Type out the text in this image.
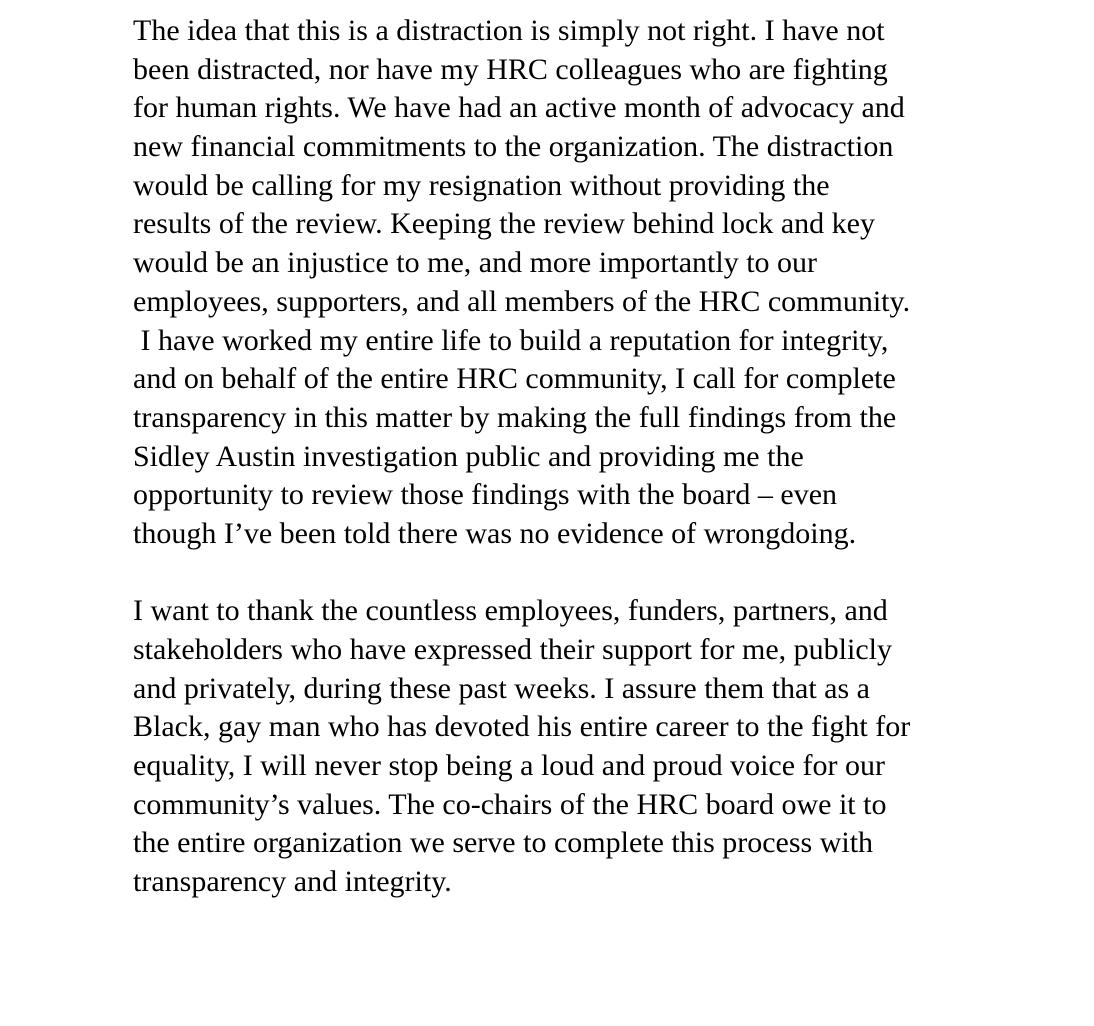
The idea that this is a distraction is simply not right. I have not
been distracted, nor have my HRC colleagues who are fighting
for human rights. We have had an active month of advocacy and
new financial commitments to the organization. The distraction
would be calling for my resignation without providing the
results of the review. Keeping the review behind lock and key
would be an injustice to me, and more importantly to our
employees, supporters, and all members of the HRC community.
I have worked my entire life to build a reputation for integrity,
and on behalf of the entire HRC community, I call for complete
transparency in this matter by making the full findings from the
Sidley Austin investigation public and providing me the
opportunity to review those findings with the board – even
though I’ve been told there was no evidence of wrongdoing.
I want to thank the countless employees, funders, partners, and
stakeholders who have expressed their support for me, publicly
and privately, during these past weeks. I assure them that as a
Black, gay man who has devoted his entire career to the fight for
equality, I will never stop being a loud and proud voice for our
community’s values. The co-chairs of the HRC board owe it to
the entire organization we serve to complete this process with
transparency and integrity.
